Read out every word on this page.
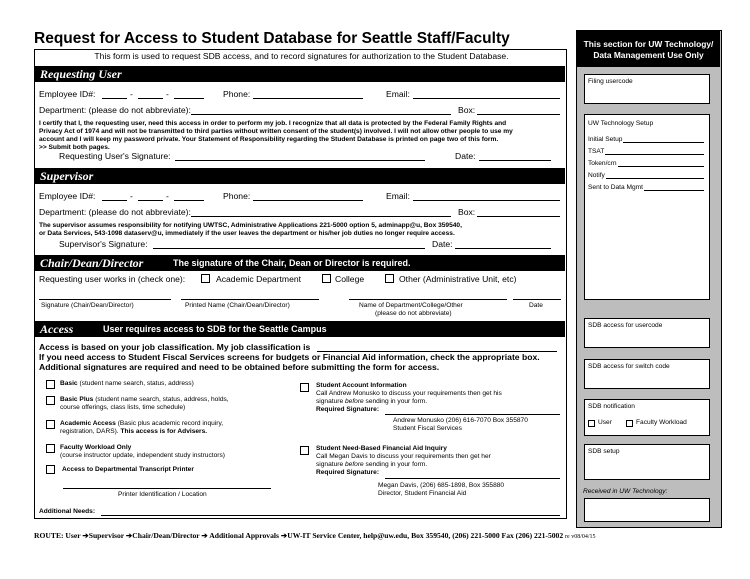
Request for Access to Student Database for Seattle Staff/Faculty
This form is used to request SDB access, and to record signatures for authorization to the Student Database.
Requesting User	Name (please print):	UW NetID:
Employee ID#:	-	-	Phone:	Email:
Department: (please do not abbreviate):	Box:
I certify that I, the requesting user, need this access in order to perform my job. I recognize that all data is protected by the Federal Family Rights and
Privacy Act of 1974 and will not be transmitted to third parties without written consent of the student(s) involved. I will not allow other people to use my
account and I will keep my password private. Your Statement of Responsibility regarding the Student Database is printed on page two of this form.
>> Submit both pages.
Requesting User's Signature:	Date:
Supervisor	Name (please print):	UW NetID:
Employee ID#:	-	-	Phone:	Email:
Department: (please do not abbreviate):	Box:
The supervisor assumes responsibility for notifying UWTSC, Administrative Applications 221-5000 option 5, adminapp@u, Box 359540,
or Data Services, 543-1098 dataserv@u, immediately if the user leaves the department or his/her job duties no longer require access.
Supervisor's Signature:	Date:
Chair/Dean/Director	The signature of the Chair, Dean or Director is required.
Requesting user works in (check one):	Academic Department	College	Other (Administrative Unit, etc)
Signature (Chair/Dean/Director)	Printed Name (Chair/Dean/Director)	Name of Department/College/Other
(please do not abbreviate)
Date
Access	User requires access to SDB for the Seattle Campus
Access is based on your job classification. My job classification is
If you need access to Student Fiscal Services screens for budgets or Financial Aid information, check the appropriate box.
Additional signatures are required and need to be obtained before submitting the form for access.
Basic (student name search, status, address)
Basic Plus (student name search, status, address, holds,
course offerings, class lists, time schedule)
Academic Access (Basic plus academic record inquiry,
registration, DARS). This access is for Advisers.
Faculty Workload Only
(course instructor update, independent study instructors)
Access to Departmental Transcript Printer
Printer Identification / Location
Student Account Information
Call Andrew Monusko to discuss your requirements then get his
signature before sending in your form.
Required Signature:
Andrew Monusko (206) 616-7070 Box 355870
Student Fiscal Services
Student Need-Based Financial Aid Inquiry
Call Megan Davis to discuss your requirements then get her
signature before sending in your form.
Required Signature:
Megan Davis, (206) 685-1898, Box 355880
Director, Student Financial Aid
Additional Needs:
This section for UW Technology/
Data Management Use Only
Filing usercode
UW Technology Setup
Initial Setup
TSAT
Token/crn
Notify
Sent to Data Mgmt
SDB access for usercode
SDB access for switch code
SDB notification
User	Faculty Workload
SDB setup
Received in UW Technology:
ROUTE: User ➔Supervisor ➔Chair/Dean/Director ➔ Additional Approvals ➔UW-IT Service Center, help@uw.edu, Box 359540, (206) 221-5000 Fax (206) 221-5002 re v08/04/15
